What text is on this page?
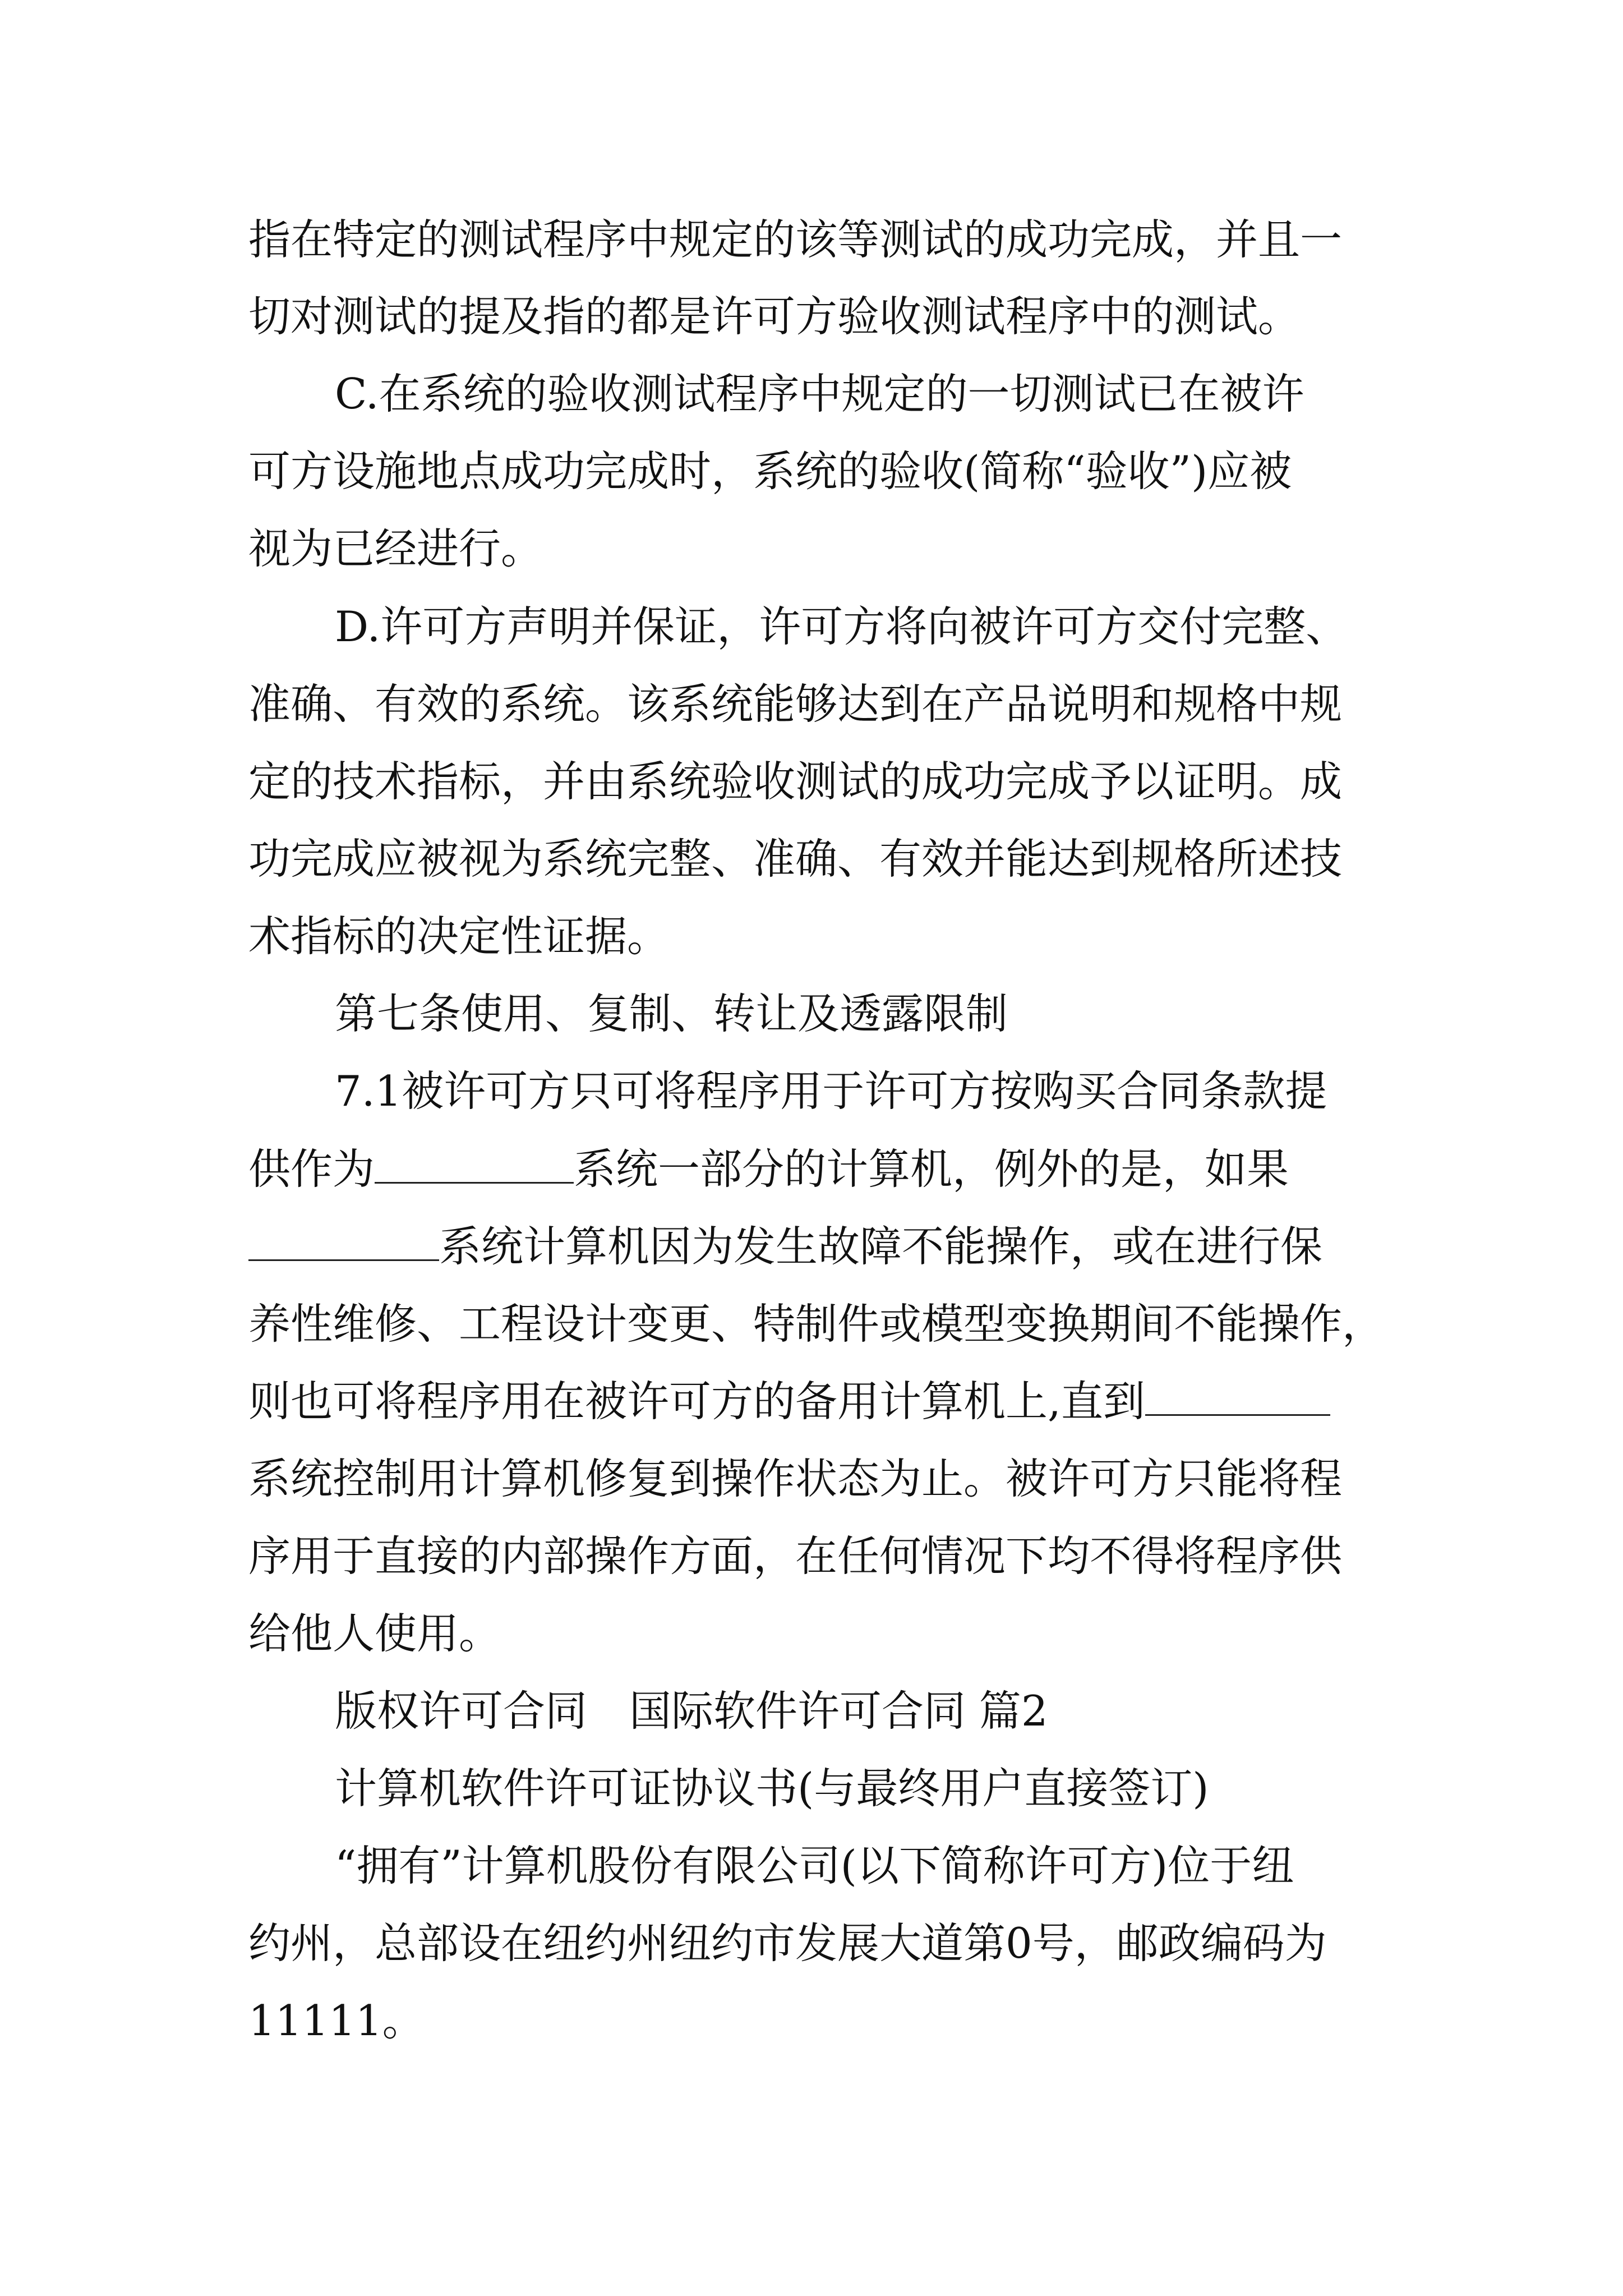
指在特定的测试程序中规定的该等测试的成功完成，并且一
切对测试的提及指的都是许可方验收测试程序中的测试。
C.在系统的验收测试程序中规定的一切测试已在被许
可方设施地点成功完成时，系统的验收(简称“验收”)应被
视为已经进行。
D.许可方声明并保证，许可方将向被许可方交付完整、
准确、有效的系统。该系统能够达到在产品说明和规格中规
定的技术指标，并由系统验收测试的成功完成予以证明。成
功完成应被视为系统完整、准确、有效并能达到规格所述技
术指标的决定性证据。
第七条使用、复制、转让及透露限制
7.1被许可方只可将程序用于许可方按购买合同条款提
供作为	系统一部分的计算机，例外的是，如果
系统计算机因为发生故障不能操作，或在进行保
养性维修、工程设计变更、特制件或模型变换期间不能操作，
则也可将程序用在被许可方的备用计算机上,直到
系统控制用计算机修复到操作状态为止。被许可方只能将程
序用于直接的内部操作方面，在任何情况下均不得将程序供
给他人使用。
版权许可合同　国际软件许可合同 篇2
计算机软件许可证协议书(与最终用户直接签订)
“拥有”计算机股份有限公司(以下简称许可方)位于纽
约州，总部设在纽约州纽约市发展大道第0号，邮政编码为
11111。
